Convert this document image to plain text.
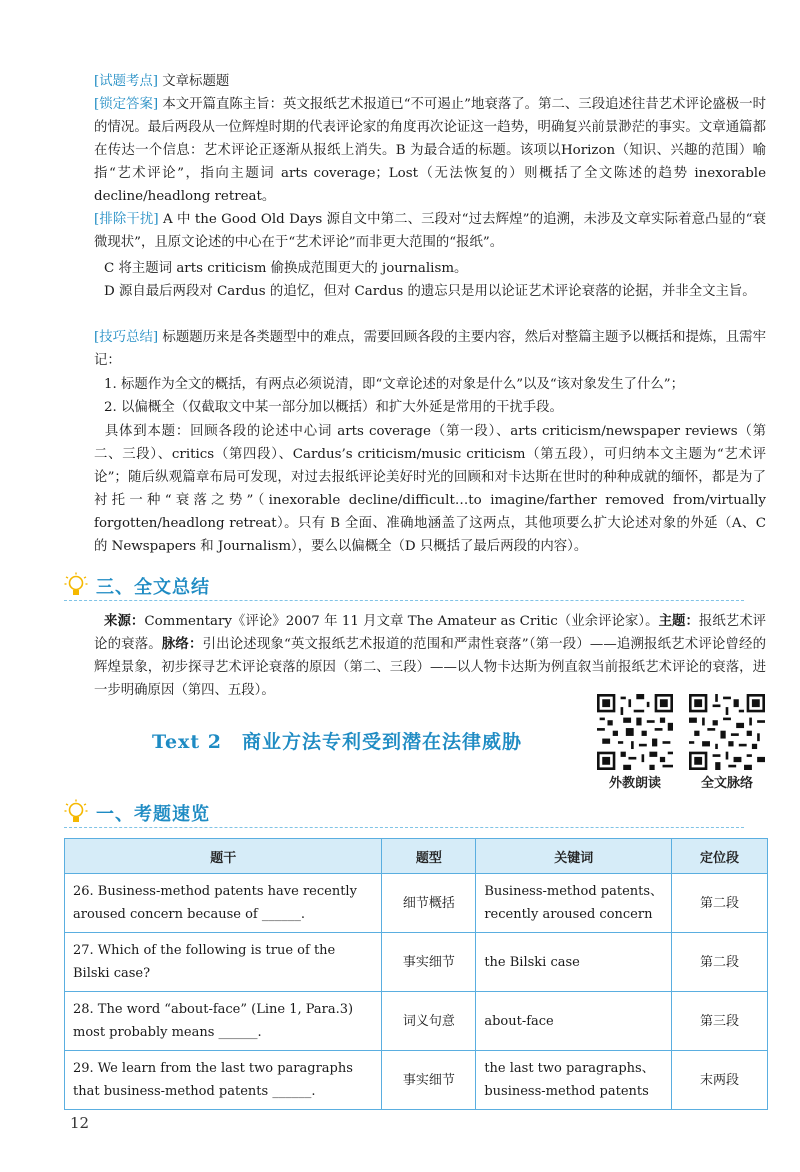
[试题考点] 文章标题题

[锁定答案] 本文开篇直陈主旨：英文报纸艺术报道已“不可遏止”地衰落了。第二、三段追述往昔艺术评论盛极一时的情况。最后两段从一位辉煌时期的代表评论家的角度再次论证这一趋势，明确复兴前景渺茫的事实。文章通篇都在传达一个信息：艺术评论正逐渐从报纸上消失。B 为最合适的标题。该项以Horizon（知识、兴趣的范围）喻指“艺术评论”，指向主题词 arts coverage；Lost（无法恢复的）则概括了全文陈述的趋势 inexorable decline/headlong retreat。

[排除干扰] A 中 the Good Old Days 源自文中第二、三段对“过去辉煌”的追溯，未涉及文章实际着意凸显的“衰微现状”，且原文论述的中心在于“艺术评论”而非更大范围的“报纸”。

C 将主题词 arts criticism 偷换成范围更大的 journalism。

D 源自最后两段对 Cardus 的追忆，但对 Cardus 的遗忘只是用以论证艺术评论衰落的论据，并非全文主旨。

[技巧总结] 标题题历来是各类题型中的难点，需要回顾各段的主要内容，然后对整篇主题予以概括和提炼，且需牢记：

1. 标题作为全文的概括，有两点必须说清，即“文章论述的对象是什么”以及“该对象发生了什么”；

2. 以偏概全（仅截取文中某一部分加以概括）和扩大外延是常用的干扰手段。

具体到本题：回顾各段的论述中心词 arts coverage（第一段）、arts criticism/newspaper reviews（第二、三段）、critics（第四段）、Cardus’s criticism/music criticism（第五段），可归纳本文主题为“艺术评论”；随后纵观篇章布局可发现，对过去报纸评论美好时光的回顾和对卡达斯在世时的种种成就的缅怀，都是为了衬托一种“衰落之势”（inexorable decline/difficult…to imagine/farther removed from/virtually forgotten/headlong retreat）。只有 B 全面、准确地涵盖了这两点，其他项要么扩大论述对象的外延（A、C 的 Newspapers 和 Journalism），要么以偏概全（D 只概括了最后两段的内容）。

三、全文总结

来源：Commentary《评论》2007 年 11 月文章 The Amateur as Critic（业余评论家）。主题：报纸艺术评论的衰落。脉络：引出论述现象“英文报纸艺术报道的范围和严肃性衰落”（第一段）——追溯报纸艺术评论曾经的辉煌景象，初步探寻艺术评论衰落的原因（第二、三段）——以人物卡达斯为例直叙当前报纸艺术评论的衰落，进一步明确原因（第四、五段）。

Text 2　商业方法专利受到潜在法律威胁
外教朗读	全文脉络
一、考题速览
题干	题型	关键词	定位段
26. Business-method patents have recently aroused concern because of ______.	细节概括	Business-method patents、recently aroused concern	第二段
27. Which of the following is true of the Bilski case?	事实细节	the Bilski case	第二段
28. The word “about-face” (Line 1, Para.3) most probably means ______.	词义句意	about-face	第三段
29. We learn from the last two paragraphs that business-method patents ______.	事实细节	the last two paragraphs、business-method patents	末两段
12
